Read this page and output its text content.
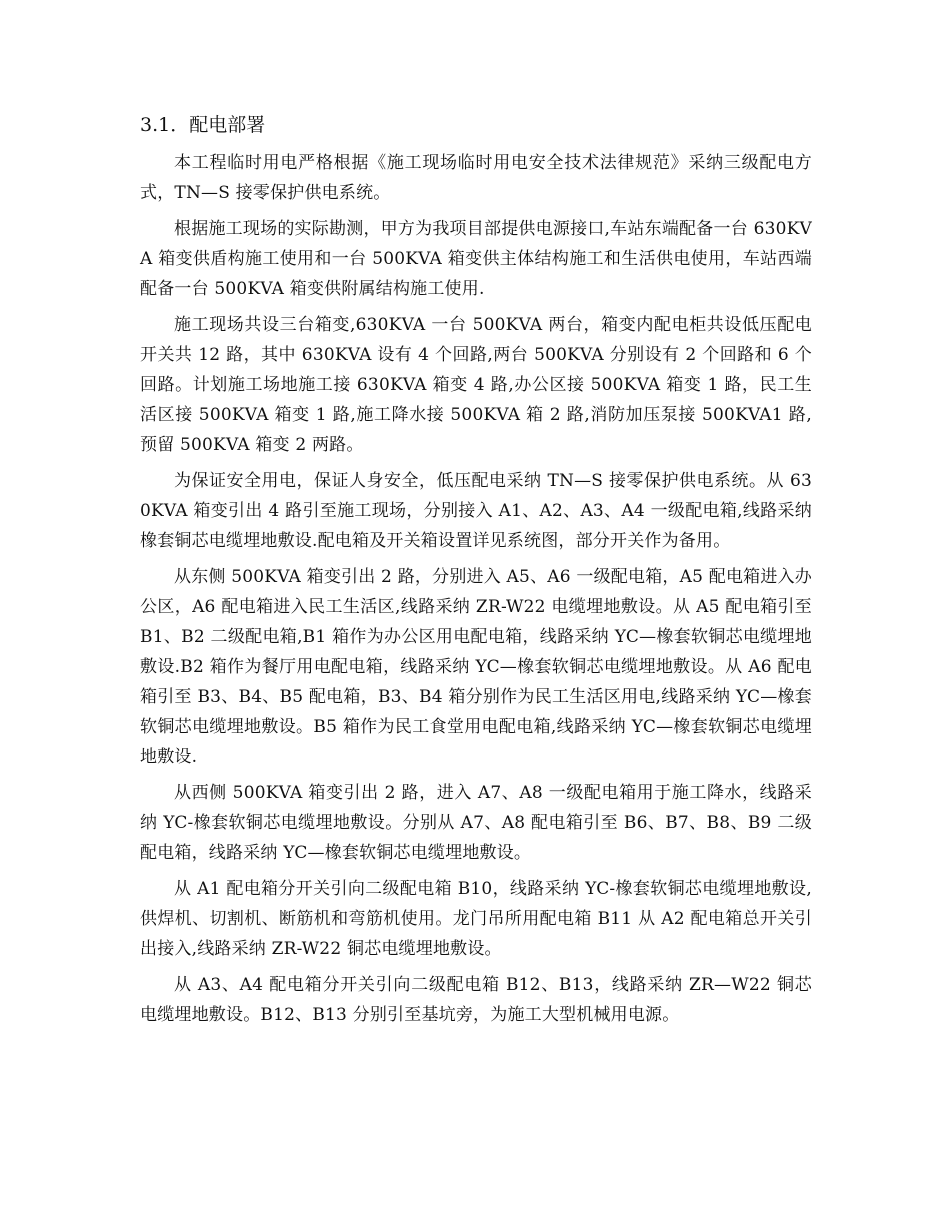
3.1．配电部署

本工程临时用电严格根据《施工现场临时用电安全技术法律规范》采纳三级配电方式，TN—S 接零保护供电系统。

根据施工现场的实际勘测，甲方为我项目部提供电源接口,车站东端配备一台 630KVA 箱变供盾构施工使用和一台 500KVA 箱变供主体结构施工和生活供电使用，车站西端配备一台 500KVA 箱变供附属结构施工使用.

施工现场共设三台箱变,630KVA 一台 500KVA 两台，箱变内配电柜共设低压配电开关共 12 路，其中 630KVA 设有 4 个回路,两台 500KVA 分别设有 2 个回路和 6 个回路。计划施工场地施工接 630KVA 箱变 4 路,办公区接 500KVA 箱变 1 路，民工生活区接 500KVA 箱变 1 路,施工降水接 500KVA 箱 2 路,消防加压泵接 500KVA1 路,预留 500KVA 箱变 2 两路。

为保证安全用电，保证人身安全，低压配电采纳 TN—S 接零保护供电系统。从 630KVA 箱变引出 4 路引至施工现场，分别接入 A1、A2、A3、A4 一级配电箱,线路采纳橡套铜芯电缆埋地敷设.配电箱及开关箱设置详见系统图，部分开关作为备用。

从东侧 500KVA 箱变引出 2 路，分别进入 A5、A6 一级配电箱，A5 配电箱进入办公区，A6 配电箱进入民工生活区,线路采纳 ZR-W22 电缆埋地敷设。从 A5 配电箱引至 B1、B2 二级配电箱,B1 箱作为办公区用电配电箱，线路采纳 YC—橡套软铜芯电缆埋地敷设.B2 箱作为餐厅用电配电箱，线路采纳 YC—橡套软铜芯电缆埋地敷设。从 A6 配电箱引至 B3、B4、B5 配电箱，B3、B4 箱分别作为民工生活区用电,线路采纳 YC—橡套软铜芯电缆埋地敷设。B5 箱作为民工食堂用电配电箱,线路采纳 YC—橡套软铜芯电缆埋地敷设.

从西侧 500KVA 箱变引出 2 路，进入 A7、A8 一级配电箱用于施工降水，线路采纳 YC-橡套软铜芯电缆埋地敷设。分别从 A7、A8 配电箱引至 B6、B7、B8、B9 二级配电箱，线路采纳 YC—橡套软铜芯电缆埋地敷设。

从 A1 配电箱分开关引向二级配电箱 B10，线路采纳 YC-橡套软铜芯电缆埋地敷设,供焊机、切割机、断筋机和弯筋机使用。龙门吊所用配电箱 B11 从 A2 配电箱总开关引出接入,线路采纳 ZR-W22 铜芯电缆埋地敷设。

从 A3、A4 配电箱分开关引向二级配电箱 B12、B13，线路采纳 ZR—W22 铜芯电缆埋地敷设。B12、B13 分别引至基坑旁，为施工大型机械用电源。
